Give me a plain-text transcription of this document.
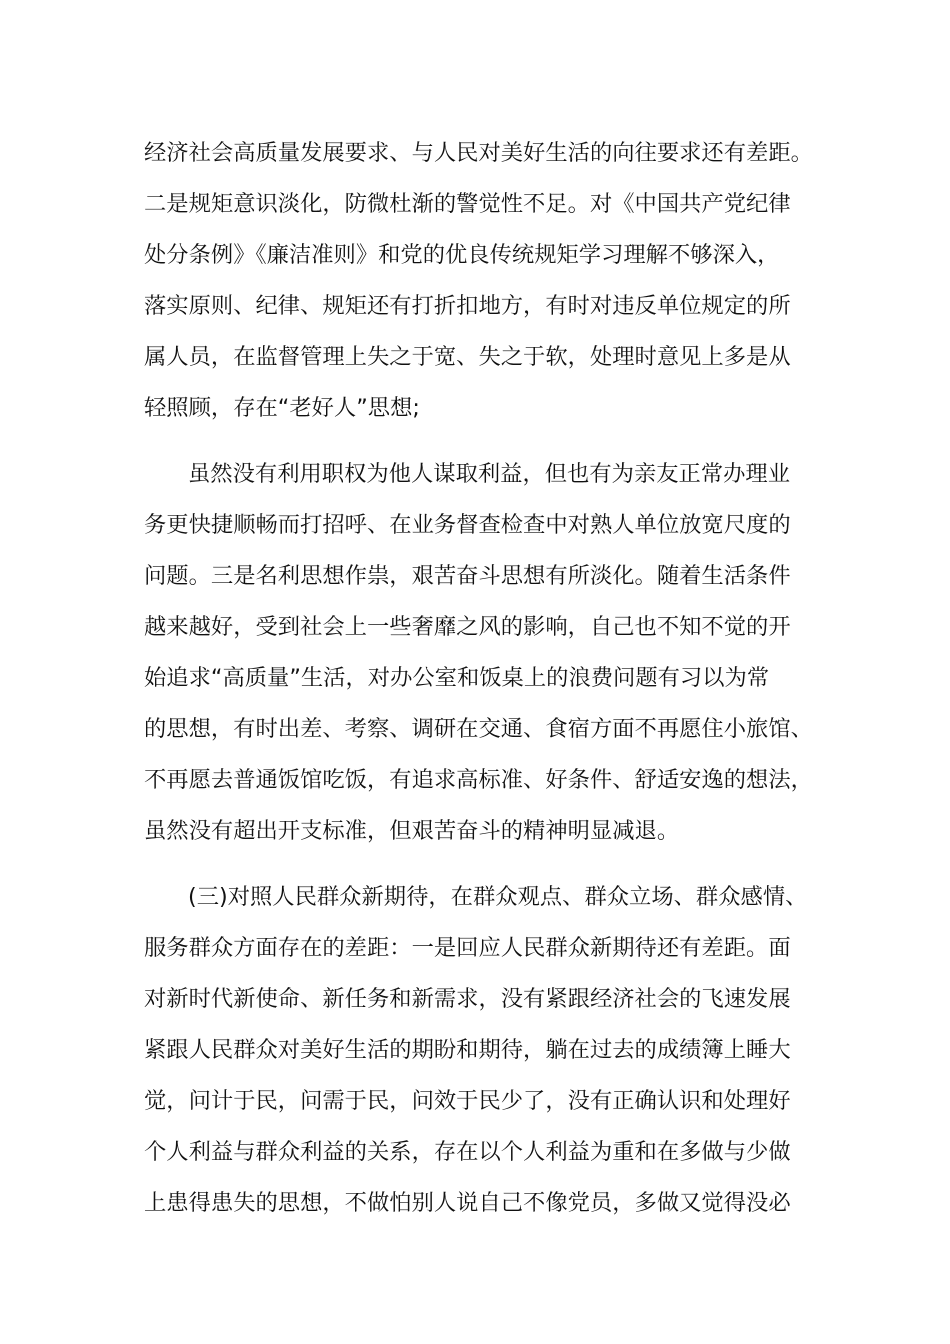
经济社会高质量发展要求、与人民对美好生活的向往要求还有差距。
二是规矩意识淡化，防微杜渐的警觉性不足。对《中国共产党纪律
处分条例》《廉洁准则》和党的优良传统规矩学习理解不够深入，
落实原则、纪律、规矩还有打折扣地方，有时对违反单位规定的所
属人员，在监督管理上失之于宽、失之于软，处理时意见上多是从
轻照顾，存在“老好人”思想;
虽然没有利用职权为他人谋取利益，但也有为亲友正常办理业
务更快捷顺畅而打招呼、在业务督查检查中对熟人单位放宽尺度的
问题。三是名利思想作祟，艰苦奋斗思想有所淡化。随着生活条件
越来越好，受到社会上一些奢靡之风的影响，自己也不知不觉的开
始追求“高质量”生活，对办公室和饭桌上的浪费问题有习以为常
的思想，有时出差、考察、调研在交通、食宿方面不再愿住小旅馆、
不再愿去普通饭馆吃饭，有追求高标准、好条件、舒适安逸的想法，
虽然没有超出开支标准，但艰苦奋斗的精神明显减退。
(三)对照人民群众新期待，在群众观点、群众立场、群众感情、
服务群众方面存在的差距：一是回应人民群众新期待还有差距。面
对新时代新使命、新任务和新需求，没有紧跟经济社会的飞速发展
紧跟人民群众对美好生活的期盼和期待，躺在过去的成绩簿上睡大
觉，问计于民，问需于民，问效于民少了，没有正确认识和处理好
个人利益与群众利益的关系，存在以个人利益为重和在多做与少做
上患得患失的思想，不做怕别人说自己不像党员，多做又觉得没必
